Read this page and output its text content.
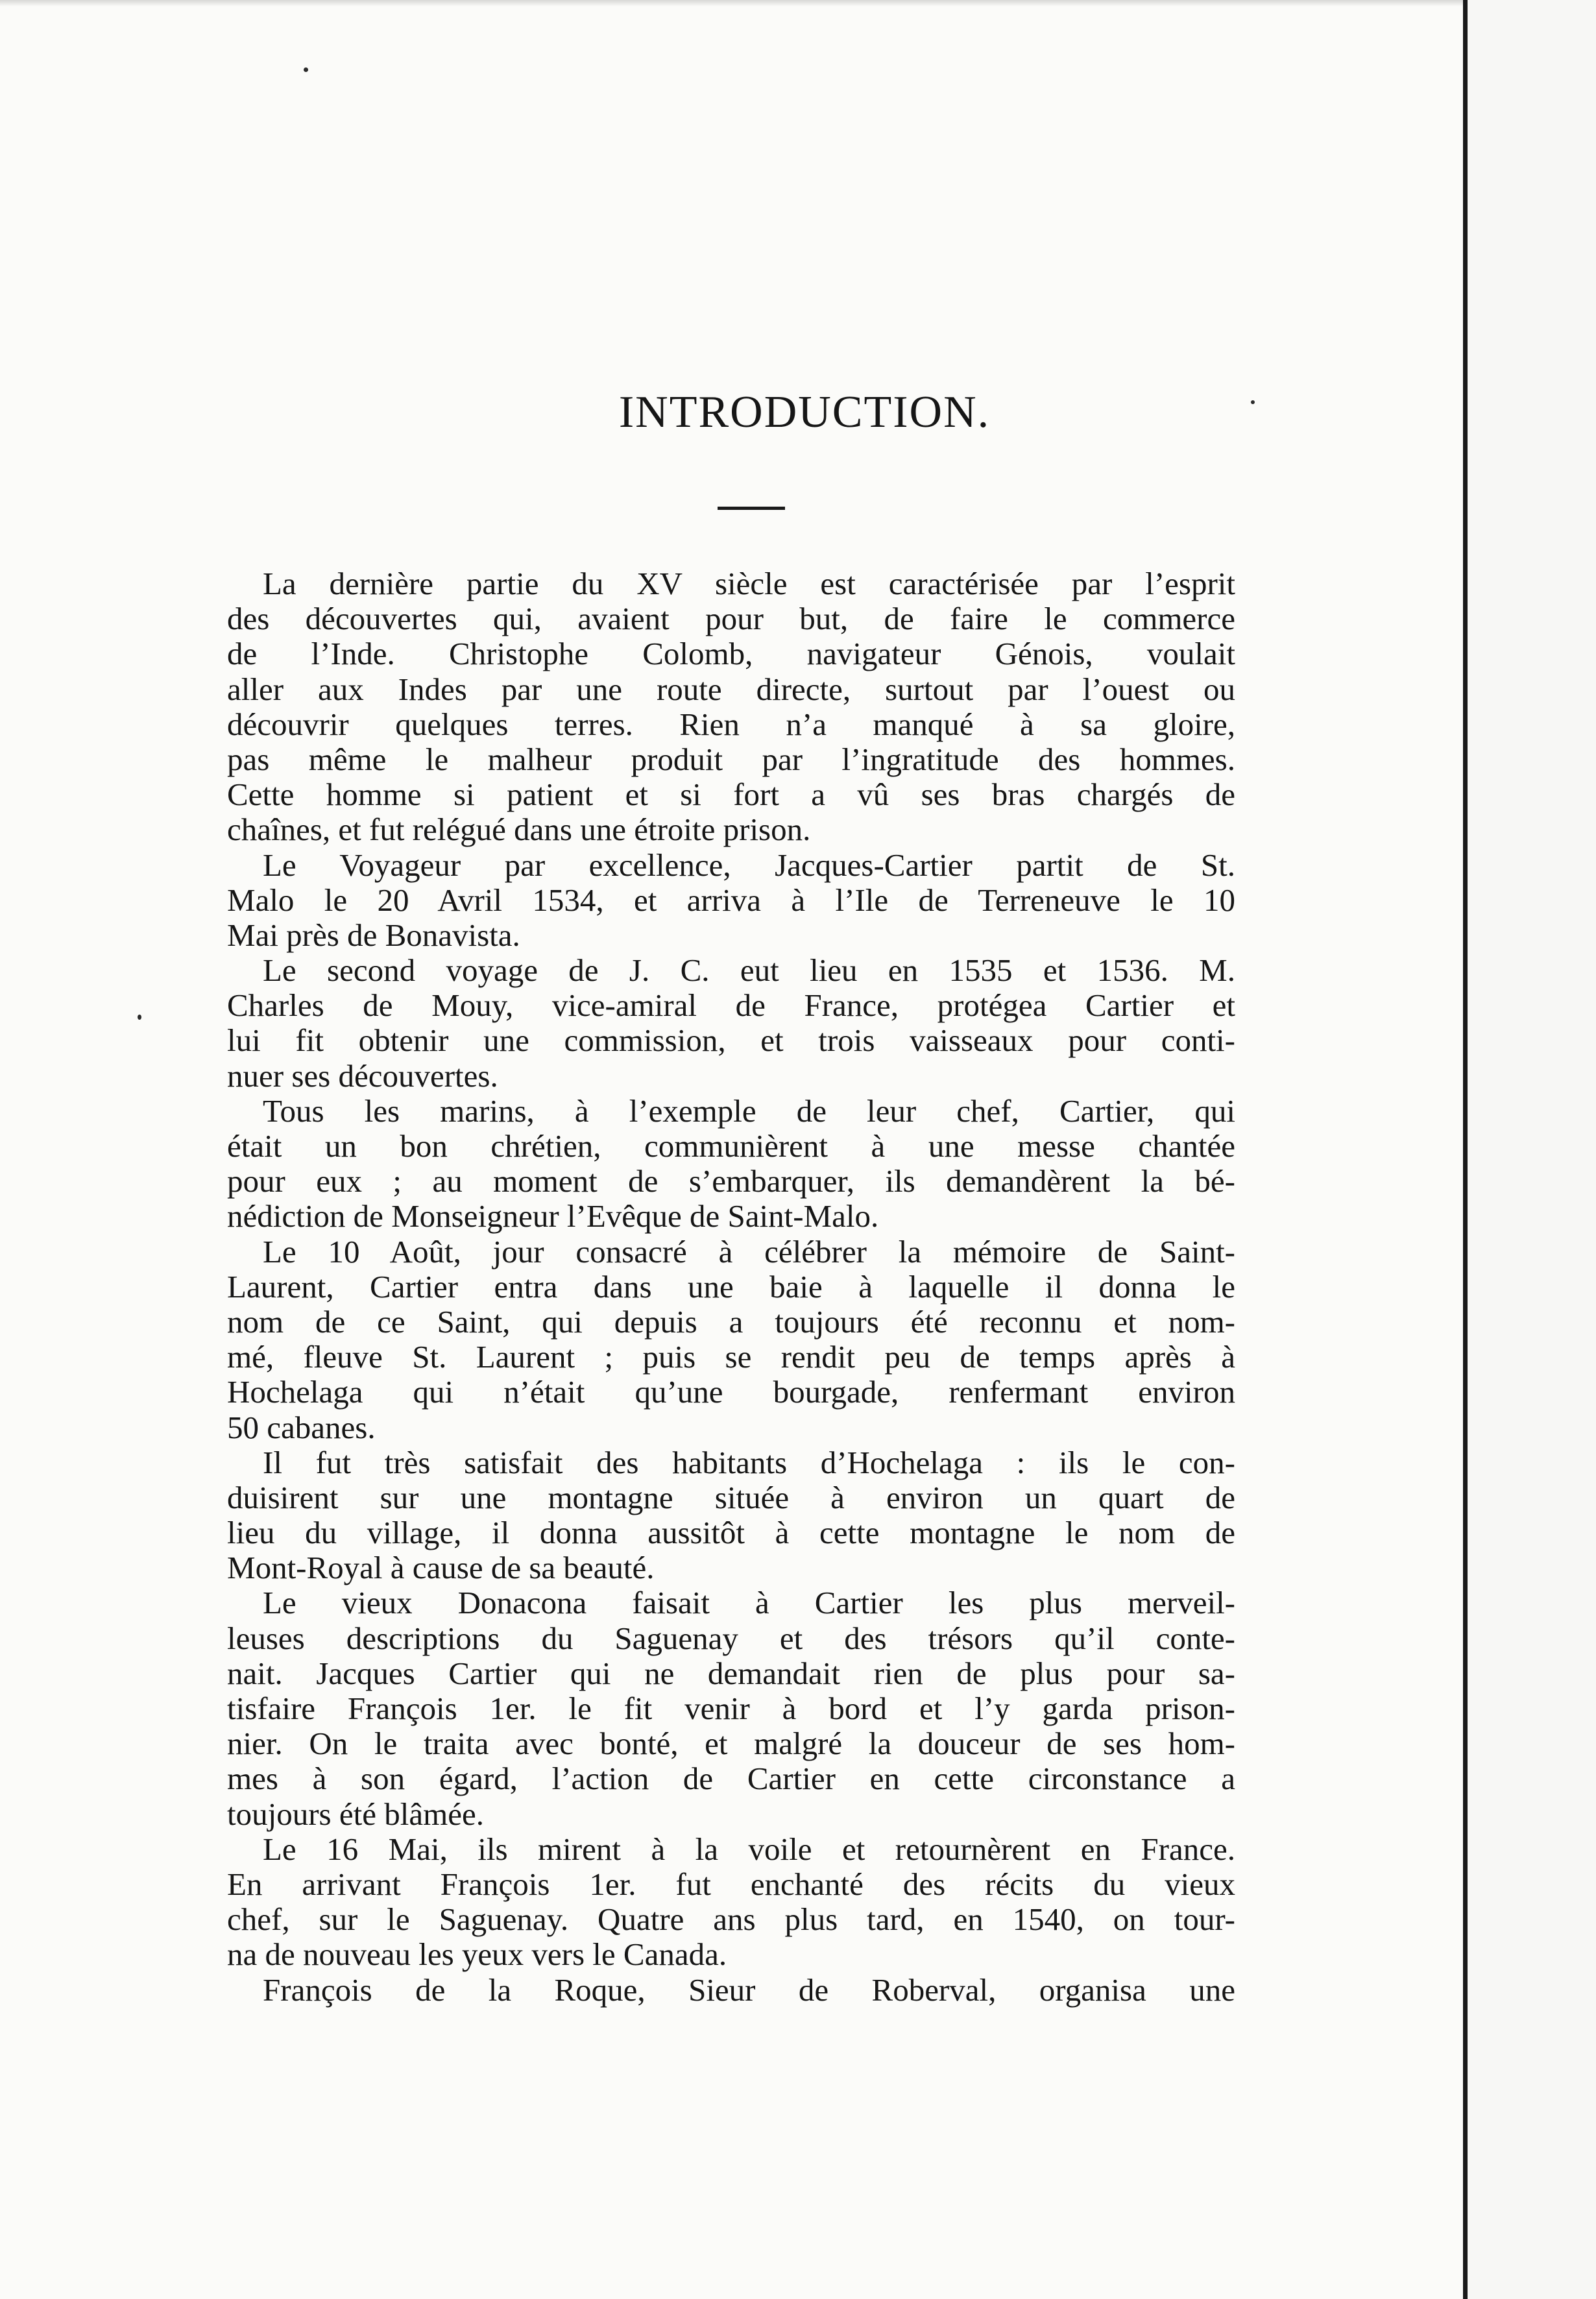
INTRODUCTION.
La dernière partie du XV siècle est caractérisée par l’esprit
des découvertes qui, avaient pour but, de faire le commerce
de l’Inde. Christophe Colomb, navigateur Génois, voulait
aller aux Indes par une route directe, surtout par l’ouest ou
découvrir quelques terres. Rien n’a manqué à sa gloire,
pas même le malheur produit par l’ingratitude des hommes.
Cette homme si patient et si fort a vû ses bras chargés de
chaînes, et fut relégué dans une étroite prison.
Le Voyageur par excellence, Jacques-Cartier partit de St.
Malo le 20 Avril 1534, et arriva à l’Ile de Terreneuve le 10
Mai près de Bonavista.
Le second voyage de J. C. eut lieu en 1535 et 1536. M.
Charles de Mouy, vice-amiral de France, protégea Cartier et
lui fit obtenir une commission, et trois vaisseaux pour conti-
nuer ses découvertes.
Tous les marins, à l’exemple de leur chef, Cartier, qui
était un bon chrétien, communièrent à une messe chantée
pour eux ; au moment de s’embarquer, ils demandèrent la bé-
nédiction de Monseigneur l’Evêque de Saint-Malo.
Le 10 Août, jour consacré à célébrer la mémoire de Saint-
Laurent, Cartier entra dans une baie à laquelle il donna le
nom de ce Saint, qui depuis a toujours été reconnu et nom-
mé, fleuve St. Laurent ; puis se rendit peu de temps après à
Hochelaga qui n’était qu’une bourgade, renfermant environ
50 cabanes.
Il fut très satisfait des habitants d’Hochelaga : ils le con-
duisirent sur une montagne située à environ un quart de
lieu du village, il donna aussitôt à cette montagne le nom de
Mont-Royal à cause de sa beauté.
Le vieux Donacona faisait à Cartier les plus merveil-
leuses descriptions du Saguenay et des trésors qu’il conte-
nait. Jacques Cartier qui ne demandait rien de plus pour sa-
tisfaire François 1er. le fit venir à bord et l’y garda prison-
nier. On le traita avec bonté, et malgré la douceur de ses hom-
mes à son égard, l’action de Cartier en cette circonstance a
toujours été blâmée.
Le 16 Mai, ils mirent à la voile et retournèrent en France.
En arrivant François 1er. fut enchanté des récits du vieux
chef, sur le Saguenay. Quatre ans plus tard, en 1540, on tour-
na de nouveau les yeux vers le Canada.
François de la Roque, Sieur de Roberval, organisa une
